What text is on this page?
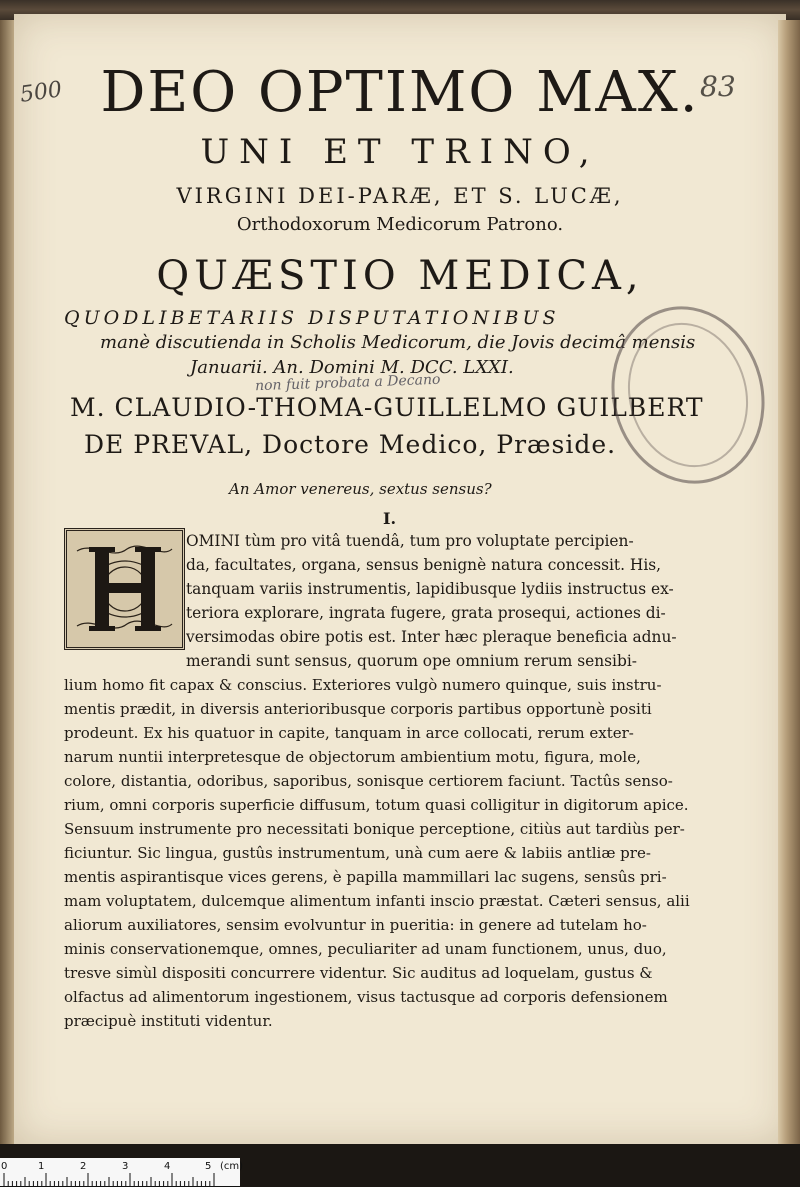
500	83
DEO OPTIMO MAX.
UNI ET TRINO,
VIRGINI DEI-PARÆ, ET S. LUCÆ,
Orthodoxorum Medicorum Patrono.
QUÆSTIO MEDICA,
QUODLIBETARIIS DISPUTATIONIBUS
manè discutienda in Scholis Medicorum, die Jovis decimâ mensis
Januarii. An. Domini M. DCC. LXXI.
non fuit probata a Decano
M. CLAUDIO-THOMA-GUILLELMO GUILBERT
DE PREVAL, Doctore Medico, Præside.
An Amor venereus, sextus sensus?
I.
OMINI tùm pro vitâ tuendâ, tum pro voluptate percipien-
da, facultates, organa, sensus benignè natura concessit. His,
tanquam variis instrumentis, lapidibusque lydiis instructus ex-
teriora explorare, ingrata fugere, grata prosequi, actiones di-
versimodas obire potis est. Inter hæc pleraque beneficia adnu-
merandi sunt sensus, quorum ope omnium rerum sensibi-
lium homo fit capax & conscius. Exteriores vulgò numero quinque, suis instru-
mentis prædit, in diversis anterioribusque corporis partibus opportunè positi
prodeunt. Ex his quatuor in capite, tanquam in arce collocati, rerum exter-
narum nuntii interpretesque de objectorum ambientium motu, figura, mole,
colore, distantia, odoribus, saporibus, sonisque certiorem faciunt. Tactûs senso-
rium, omni corporis superficie diffusum, totum quasi colligitur in digitorum apice.
Sensuum instrumente pro necessitati bonique perceptione, citiùs aut tardiùs per-
ficiuntur. Sic lingua, gustûs instrumentum, unà cum aere & labiis antliæ pre-
mentis aspirantisque vices gerens, è papilla mammillari lac sugens, sensûs pri-
mam voluptatem, dulcemque alimentum infanti inscio præstat. Cæteri sensus, alii
aliorum auxiliatores, sensim evolvuntur in pueritia: in genere ad tutelam ho-
minis conservationemque, omnes, peculiariter ad unam functionem, unus, duo,
tresve simùl dispositi concurrere videntur. Sic auditus ad loquelam, gustus &
olfactus ad alimentorum ingestionem, visus tactusque ad corporis defensionem
præcipuè instituti videntur.
0	1	2	3	4	5 (cm)
